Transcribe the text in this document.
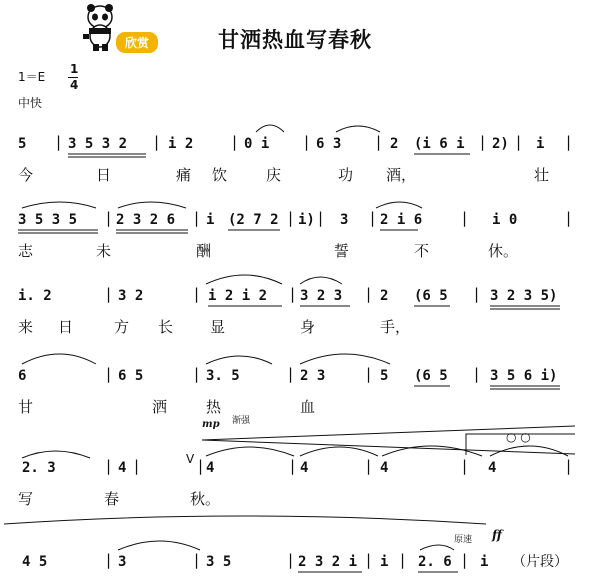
欣赏	甘洒热血写春秋
1＝E
1
4
中快
5 | 3 5 3 2 | i 2	| 0 i | 6 3 | 2 (i 6 i | 2) | i |
今	日	痛 饮	庆	功 酒，	壮
3 5 3 5 | 2 3 2 6 | i (2 7 2 | i) | 3 | 2 i 6	| i 0	|
志	未	酬	誓	不	休。
i. 2	| 3 2	| i 2 i 2 | 3 2 3 | 2 (6 5 | 3 2 3 5)
来 日	方 长 显	身	手，
6	| 6 5	| 3. 5	| 2 3	| 5 (6 5 | 3 5 6 i)
甘	洒	热	血
mp 渐强
○ ○
2. 3	| 4 |	V | 4	| 4	| 4	| 4	|
写	春	秋。
原速 ff
4 5	| 3	| 3 5	| 2 3 2 i | i | 2. 6 | i （片段）
